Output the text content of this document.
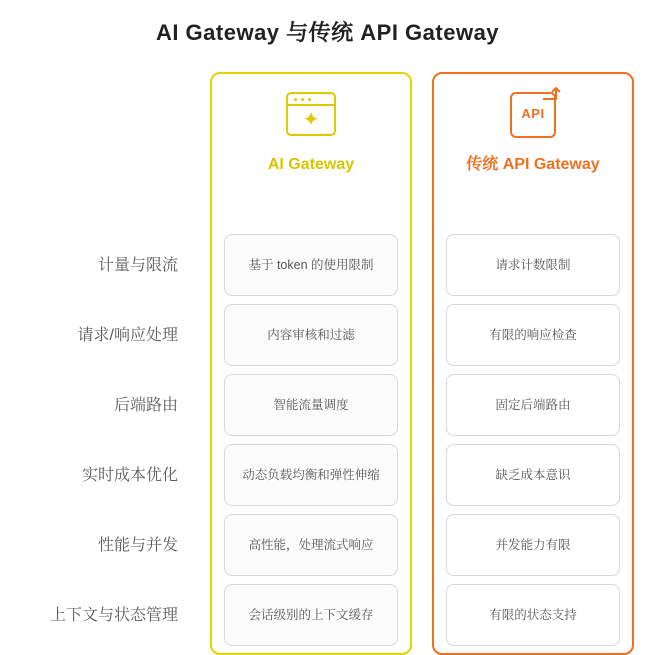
AI Gateway 与传统 API Gateway
计量与限流
请求/响应处理
后端路由
实时成本优化
性能与并发
上下文与状态管理
✦
AI Gateway
基于 token 的使用限制
内容审核和过滤
智能流量调度
动态负载均衡和弹性伸缩
高性能，处理流式响应
会话级别的上下文缓存
API
传统 API Gateway
请求计数限制
有限的响应检查
固定后端路由
缺乏成本意识
并发能力有限
有限的状态支持
